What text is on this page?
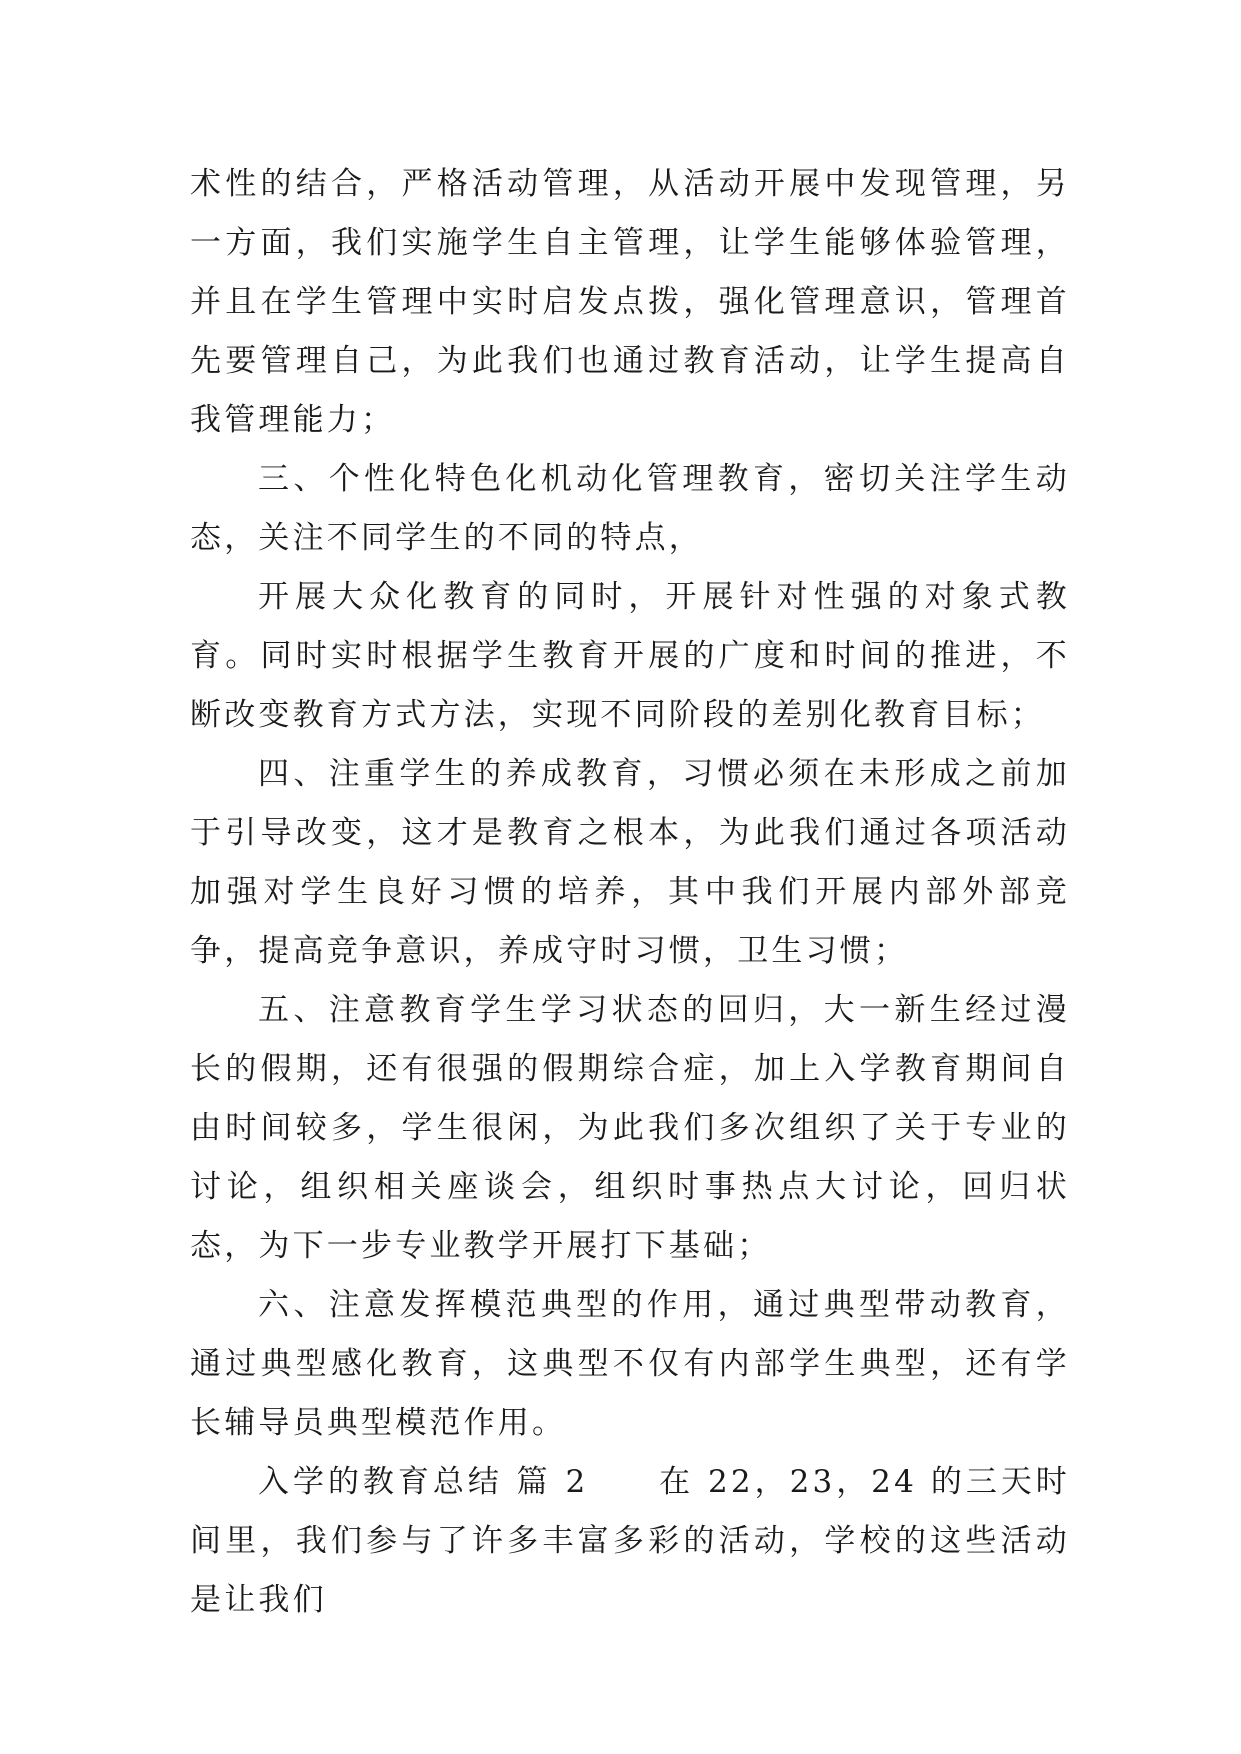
术性的结合，严格活动管理，从活动开展中发现管理，另一方面，我们实施学生自主管理，让学生能够体验管理，并且在学生管理中实时启发点拨，强化管理意识，管理首先要管理自己，为此我们也通过教育活动，让学生提高自我管理能力；

三、个性化特色化机动化管理教育，密切关注学生动态，关注不同学生的不同的特点，

开展大众化教育的同时，开展针对性强的对象式教育。同时实时根据学生教育开展的广度和时间的推进，不断改变教育方式方法，实现不同阶段的差别化教育目标；

四、注重学生的养成教育，习惯必须在未形成之前加于引导改变，这才是教育之根本，为此我们通过各项活动加强对学生良好习惯的培养，其中我们开展内部外部竞争，提高竞争意识，养成守时习惯，卫生习惯；

五、注意教育学生学习状态的回归，大一新生经过漫长的假期，还有很强的假期综合症，加上入学教育期间自由时间较多，学生很闲，为此我们多次组织了关于专业的讨论，组织相关座谈会，组织时事热点大讨论，回归状态，为下一步专业教学开展打下基础；

六、注意发挥模范典型的作用，通过典型带动教育，通过典型感化教育，这典型不仅有内部学生典型，还有学长辅导员典型模范作用。

入学的教育总结 篇 2　　在 22，23，24 的三天时间里，我们参与了许多丰富多彩的活动，学校的这些活动是让我们
